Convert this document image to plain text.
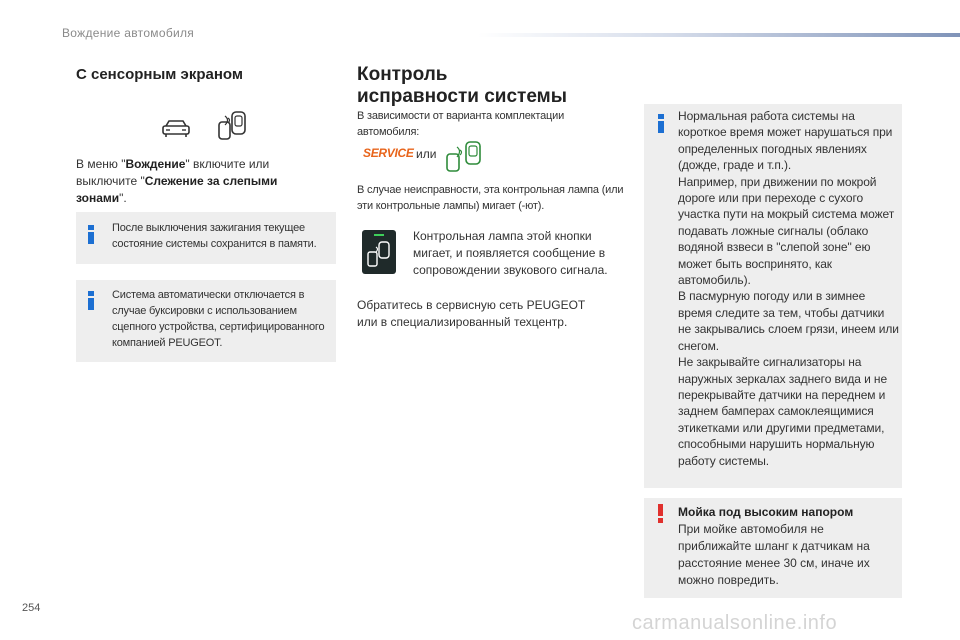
Вождение автомобиля
С сенсорным экраном
В меню "Вождение" включите или выключите "Слежение за слепыми зонами".
После выключения зажигания текущее состояние системы сохранится в памяти.
Система автоматически отключается в случае буксировки с использованием сцепного устройства, сертифицированного компанией PEUGEOT.
Контроль
исправности системы
В зависимости от варианта комплектации автомобиля:
SERVICE или
В случае неисправности, эта контрольная лампа (или эти контрольные лампы) мигает (-ют).
Контрольная лампа этой кнопки мигает, и появляется сообщение в сопровождении звукового сигнала.
Обратитесь в сервисную сеть PEUGEOT или в специализированный техцентр.
Нормальная работа системы на короткое время может нарушаться при определенных погодных явлениях (дожде, граде и т.п.).
Например, при движении по мокрой дороге или при переходе с сухого участка пути на мокрый система может подавать ложные сигналы (облако водяной взвеси в "слепой зоне" ею может быть воспринято, как автомобиль).
В пасмурную погоду или в зимнее время следите за тем, чтобы датчики не закрывались слоем грязи, инеем или снегом.
Не закрывайте сигнализаторы на наружных зеркалах заднего вида и не перекрывайте датчики на переднем и заднем бамперах самоклеящимися этикетками или другими предметами, способными нарушить нормальную работу системы.
Мойка под высоким напором
При мойке автомобиля не приближайте шланг к датчикам на расстояние менее 30 см, иначе их можно повредить.
254
carmanualsonline.info
